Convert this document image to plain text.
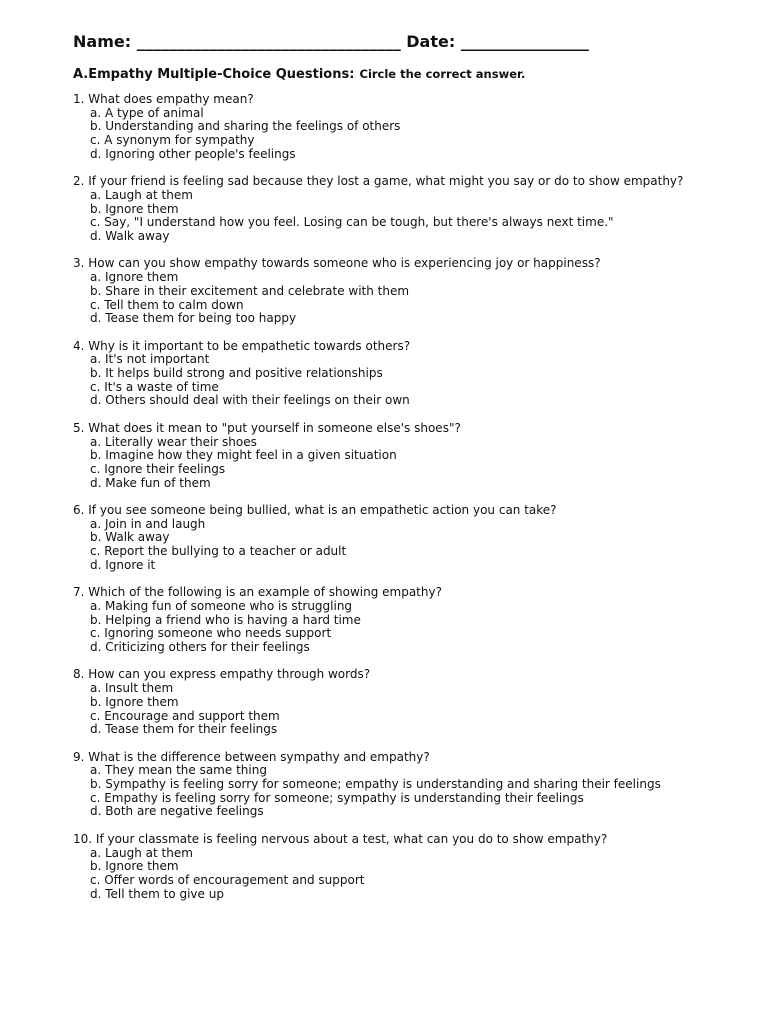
Name: _________________________________ Date: ________________
A.Empathy Multiple-Choice Questions: Circle the correct answer.
1. What does empathy mean?
a. A type of animal
b. Understanding and sharing the feelings of others
c. A synonym for sympathy
d. Ignoring other people's feelings
2. If your friend is feeling sad because they lost a game, what might you say or do to show empathy?
a. Laugh at them
b. Ignore them
c. Say, "I understand how you feel. Losing can be tough, but there's always next time."
d. Walk away
3. How can you show empathy towards someone who is experiencing joy or happiness?
a. Ignore them
b. Share in their excitement and celebrate with them
c. Tell them to calm down
d. Tease them for being too happy
4. Why is it important to be empathetic towards others?
a. It's not important
b. It helps build strong and positive relationships
c. It's a waste of time
d. Others should deal with their feelings on their own
5. What does it mean to "put yourself in someone else's shoes"?
a. Literally wear their shoes
b. Imagine how they might feel in a given situation
c. Ignore their feelings
d. Make fun of them
6. If you see someone being bullied, what is an empathetic action you can take?
a. Join in and laugh
b. Walk away
c. Report the bullying to a teacher or adult
d. Ignore it
7. Which of the following is an example of showing empathy?
a. Making fun of someone who is struggling
b. Helping a friend who is having a hard time
c. Ignoring someone who needs support
d. Criticizing others for their feelings
8. How can you express empathy through words?
a. Insult them
b. Ignore them
c. Encourage and support them
d. Tease them for their feelings
9. What is the difference between sympathy and empathy?
a. They mean the same thing
b. Sympathy is feeling sorry for someone; empathy is understanding and sharing their feelings
c. Empathy is feeling sorry for someone; sympathy is understanding their feelings
d. Both are negative feelings
10. If your classmate is feeling nervous about a test, what can you do to show empathy?
a. Laugh at them
b. Ignore them
c. Offer words of encouragement and support
d. Tell them to give up
